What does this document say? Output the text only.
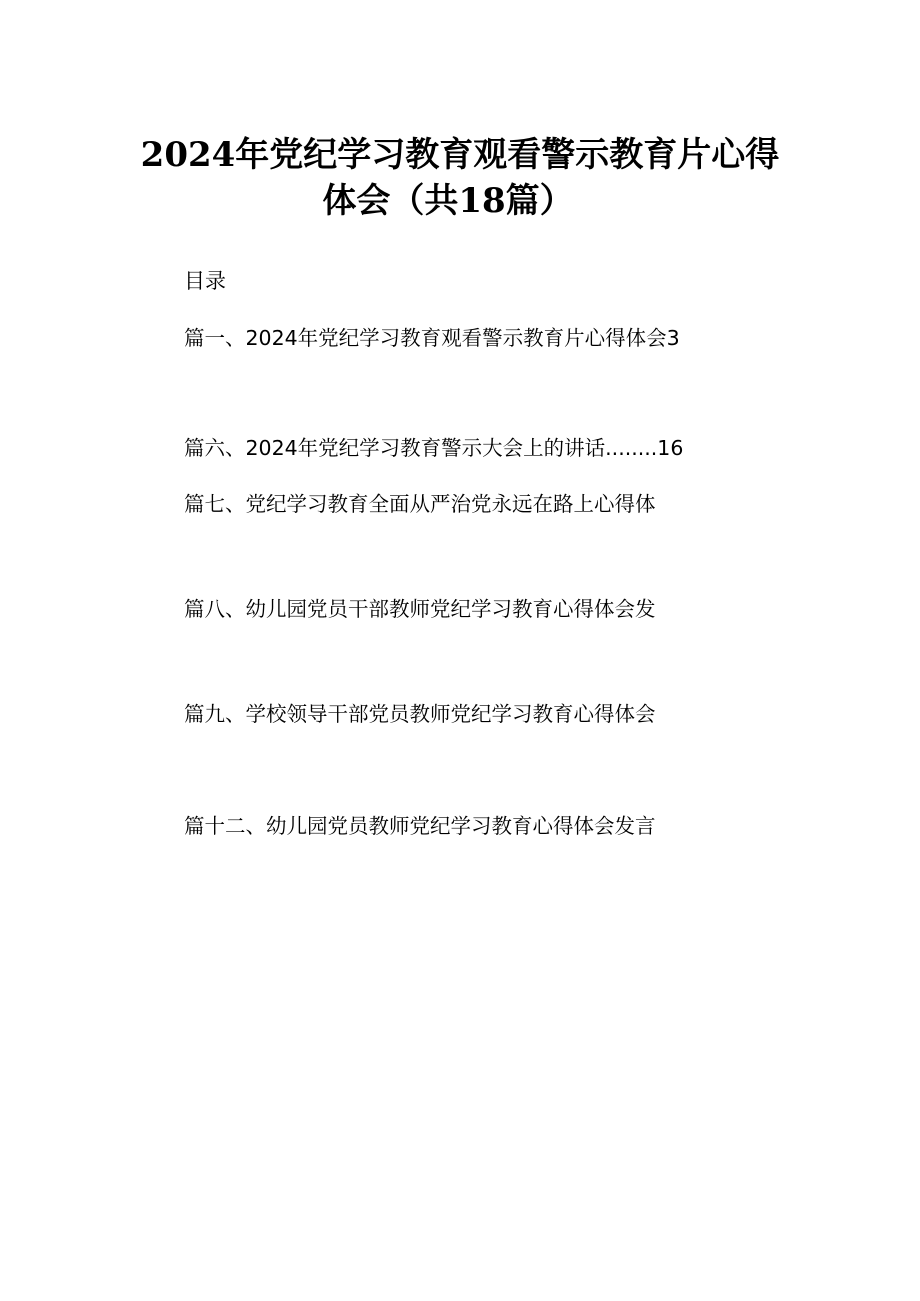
2024年党纪学习教育观看警示教育片心得
体会（共18篇）
目录
篇一、2024年党纪学习教育观看警示教育片心得体会3
篇六、2024年党纪学习教育警示大会上的讲话........16
篇七、党纪学习教育全面从严治党永远在路上心得体
篇八、幼儿园党员干部教师党纪学习教育心得体会发
篇九、学校领导干部党员教师党纪学习教育心得体会
篇十二、幼儿园党员教师党纪学习教育心得体会发言
